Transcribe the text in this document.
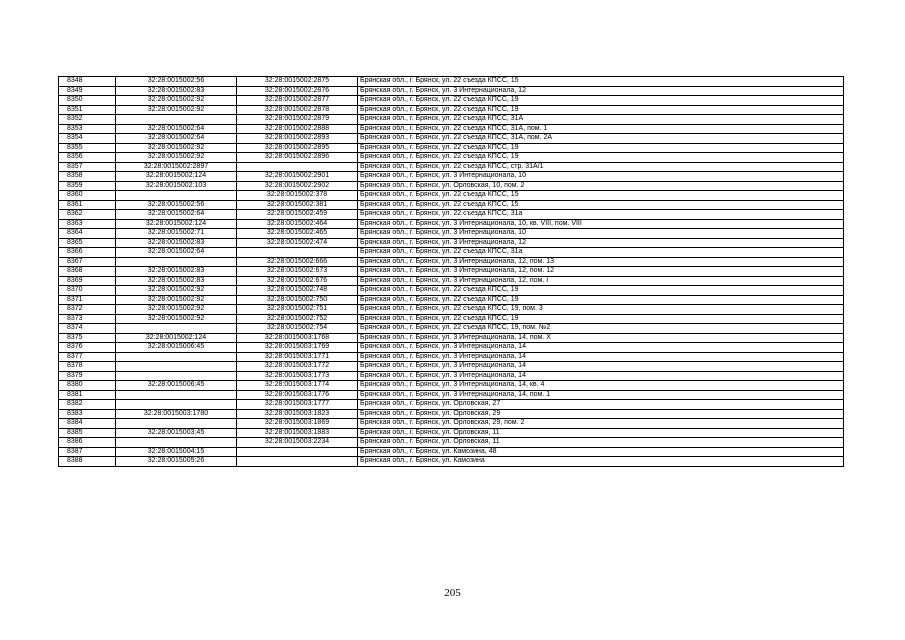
8348	32:28:0015002:56	32:28:0015002:2875	Брянская обл., г. Брянск, ул. 22 съезда КПСС, 15
8349	32:28:0015002:83	32:28:0015002:2876	Брянская обл., г. Брянск, ул. 3 Интернационала, 12
8350	32:28:0015002:92	32:28:0015002:2877	Брянская обл., г. Брянск, ул. 22 съезда КПСС, 19
8351	32:28:0015002:92	32:28:0015002:2878	Брянская обл., г. Брянск, ул. 22 съезда КПСС, 19
8352		32:28:0015002:2879	Брянская обл., г. Брянск, ул. 22 съезда КПСС, 31А
8353	32:28:0015002:64	32:28:0015002:2888	Брянская обл., г. Брянск, ул. 22 съезда КПСС, 31А, пом. 1
8354	32:28:0015002:64	32:28:0015002:2893	Брянская обл., г. Брянск, ул. 22 съезда КПСС, 31А, пом. 2А
8355	32:28:0015002:92	32:28:0015002:2895	Брянская обл., г. Брянск, ул. 22 съезда КПСС, 19
8356	32:28:0015002:92	32:28:0015002:2896	Брянская обл., г. Брянск, ул. 22 съезда КПСС, 19
8357	32:28:0015002:2897		Брянская обл., г. Брянск, ул. 22 съезда КПСС, стр. 31А/1
8358	32:28:0015002:124	32:28:0015002:2901	Брянская обл., г. Брянск, ул. 3 Интернационала, 10
8359	32:28:0015002:103	32:28:0015002:2902	Брянская обл., г. Брянск, ул. Орловская, 10, пом. 2
8360		32:28:0015002:378	Брянская обл., г. Брянск, ул. 22 съезда КПСС, 15
8361	32:28:0015002:56	32:28:0015002:381	Брянская обл., г. Брянск, ул. 22 съезда КПСС, 15
8362	32:28:0015002:64	32:28:0015002:459	Брянская обл., г. Брянск, ул. 22 съезда КПСС, 31а
8363	32:28:0015002:124	32:28:0015002:464	Брянская обл., г. Брянск, ул. 3 Интернационала, 10, кв. VIII, пом. VIII
8364	32:28:0015002:71	32:28:0015002:465	Брянская обл., г. Брянск, ул. 3 Интернационала, 10
8365	32:28:0015002:83	32:28:0015002:474	Брянская обл., г. Брянск, ул. 3 Интернационала, 12
8366	32:28:0015002:64		Брянская обл., г. Брянск, ул. 22 съезда КПСС, 31а
8367		32:28:0015002:666	Брянская обл., г. Брянск, ул. 3 Интернационала, 12, пом. 13
8368	32:28:0015002:83	32:28:0015002:673	Брянская обл., г. Брянск, ул. 3 Интернационала, 12, пом. 12
8369	32:28:0015002:83	32:28:0015002:676	Брянская обл., г. Брянск, ул. 3 Интернационала, 12, пом. I
8370	32:28:0015002:92	32:28:0015002:748	Брянская обл., г. Брянск, ул. 22 съезда КПСС, 19
8371	32:28:0015002:92	32:28:0015002:750	Брянская обл., г. Брянск, ул. 22 съезда КПСС, 19
8372	32:28:0015002:92	32:28:0015002:751	Брянская обл., г. Брянск, ул. 22 съезда КПСС, 19, пом. 3
8373	32:28:0015002:92	32:28:0015002:752	Брянская обл., г. Брянск, ул. 22 съезда КПСС, 19
8374		32:28:0015002:754	Брянская обл., г. Брянск, ул. 22 съезда КПСС, 19, пом. №2
8375	32:28:0015002:124	32:28:0015003:1768	Брянская обл., г. Брянск, ул. 3 Интернационала, 14, пом. X
8376	32:28:0015006:45	32:28:0015003:1769	Брянская обл., г. Брянск, ул. 3 Интернационала, 14
8377		32:28:0015003:1771	Брянская обл., г. Брянск, ул. 3 Интернационала, 14
8378		32:28:0015003:1772	Брянская обл., г. Брянск, ул. 3 Интернационала, 14
8379		32:28:0015003:1773	Брянская обл., г. Брянск, ул. 3 Интернационала, 14
8380	32:28:0015006:45	32:28:0015003:1774	Брянская обл., г. Брянск, ул. 3 Интернационала, 14, кв. 4
8381		32:28:0015003:1776	Брянская обл., г. Брянск, ул. 3 Интернационала, 14, пом. 1
8382		32:28:0015003:1777	Брянская обл., г. Брянск, ул. Орловская, 27
8383	32:28:0015003:1780	32:28:0015003:1823	Брянская обл., г. Брянск, ул. Орловская, 29
8384		32:28:0015003:1869	Брянская обл., г. Брянск, ул. Орловская, 29, пом. 2
8385	32:28:0015003:45	32:28:0015003:1883	Брянская обл., г. Брянск, ул. Орловская, 11
8386		32:28:0015003:2234	Брянская обл., г. Брянск, ул. Орловская, 11
8387	32:28:0015004:15		Брянская обл., г. Брянск, ул. Камозина, 48
8388	32:28:0015005:26		Брянская обл., г. Брянск, ул. Камозина
205
